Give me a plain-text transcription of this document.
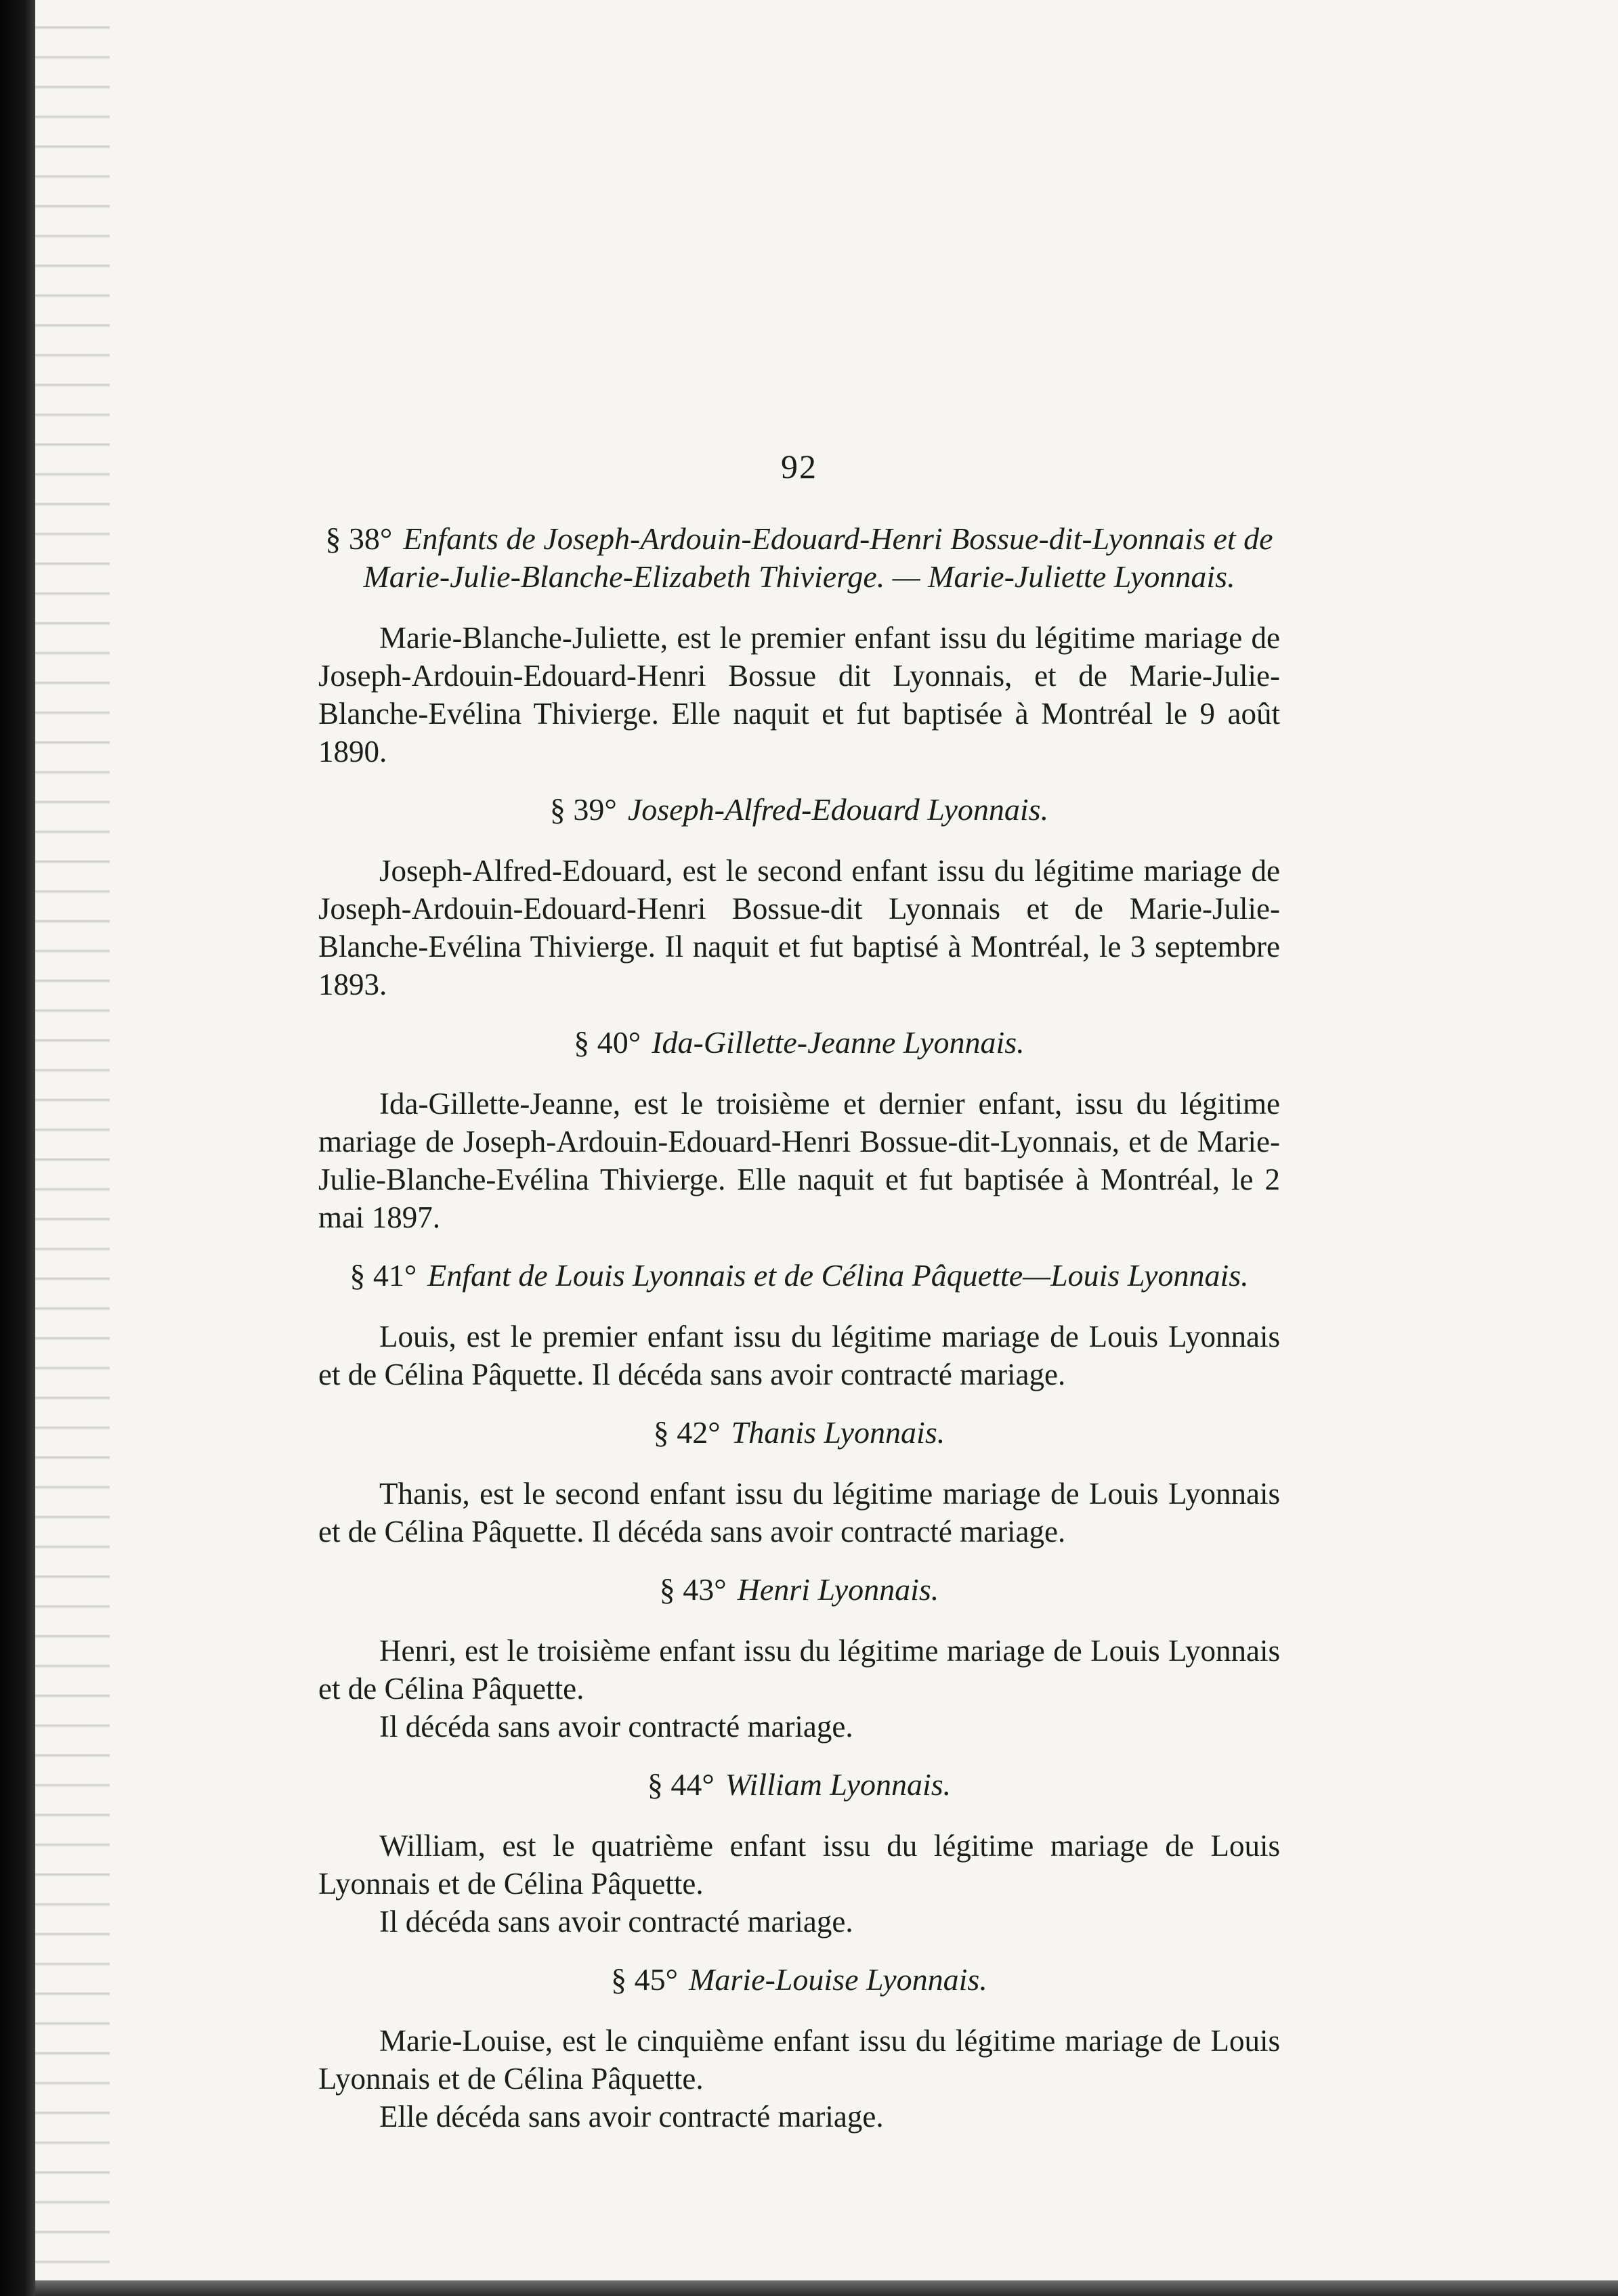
92
§ 38° Enfants de Joseph-Ardouin-Edouard-Henri Bossue-dit-Lyonnais et de Marie-Julie-Blanche-Elizabeth Thivierge. — Marie-Juliette Lyonnais.

Marie-Blanche-Juliette, est le premier enfant issu du légitime mariage de Joseph-Ardouin-Edouard-Henri Bossue dit Lyonnais, et de Marie-Julie-Blanche-Evélina Thivierge. Elle naquit et fut baptisée à Montréal le 9 août 1890.

§ 39° Joseph-Alfred-Edouard Lyonnais.

Joseph-Alfred-Edouard, est le second enfant issu du légitime mariage de Joseph-Ardouin-Edouard-Henri Bossue-dit Lyonnais et de Marie-Julie-Blanche-Evélina Thivierge. Il naquit et fut baptisé à Montréal, le 3 septembre 1893.

§ 40° Ida-Gillette-Jeanne Lyonnais.

Ida-Gillette-Jeanne, est le troisième et dernier enfant, issu du légitime mariage de Joseph-Ardouin-Edouard-Henri Bossue-dit-Lyonnais, et de Marie-Julie-Blanche-Evélina Thivierge. Elle naquit et fut baptisée à Montréal, le 2 mai 1897.

§ 41° Enfant de Louis Lyonnais et de Célina Pâquette—Louis Lyonnais.

Louis, est le premier enfant issu du légitime mariage de Louis Lyonnais et de Célina Pâquette. Il décéda sans avoir contracté mariage.

§ 42° Thanis Lyonnais.

Thanis, est le second enfant issu du légitime mariage de Louis Lyonnais et de Célina Pâquette. Il décéda sans avoir contracté mariage.

§ 43° Henri Lyonnais.

Henri, est le troisième enfant issu du légitime mariage de Louis Lyonnais et de Célina Pâquette.

Il décéda sans avoir contracté mariage.

§ 44° William Lyonnais.

William, est le quatrième enfant issu du légitime mariage de Louis Lyonnais et de Célina Pâquette.

Il décéda sans avoir contracté mariage.

§ 45° Marie-Louise Lyonnais.

Marie-Louise, est le cinquième enfant issu du légitime mariage de Louis Lyonnais et de Célina Pâquette.

Elle décéda sans avoir contracté mariage.
